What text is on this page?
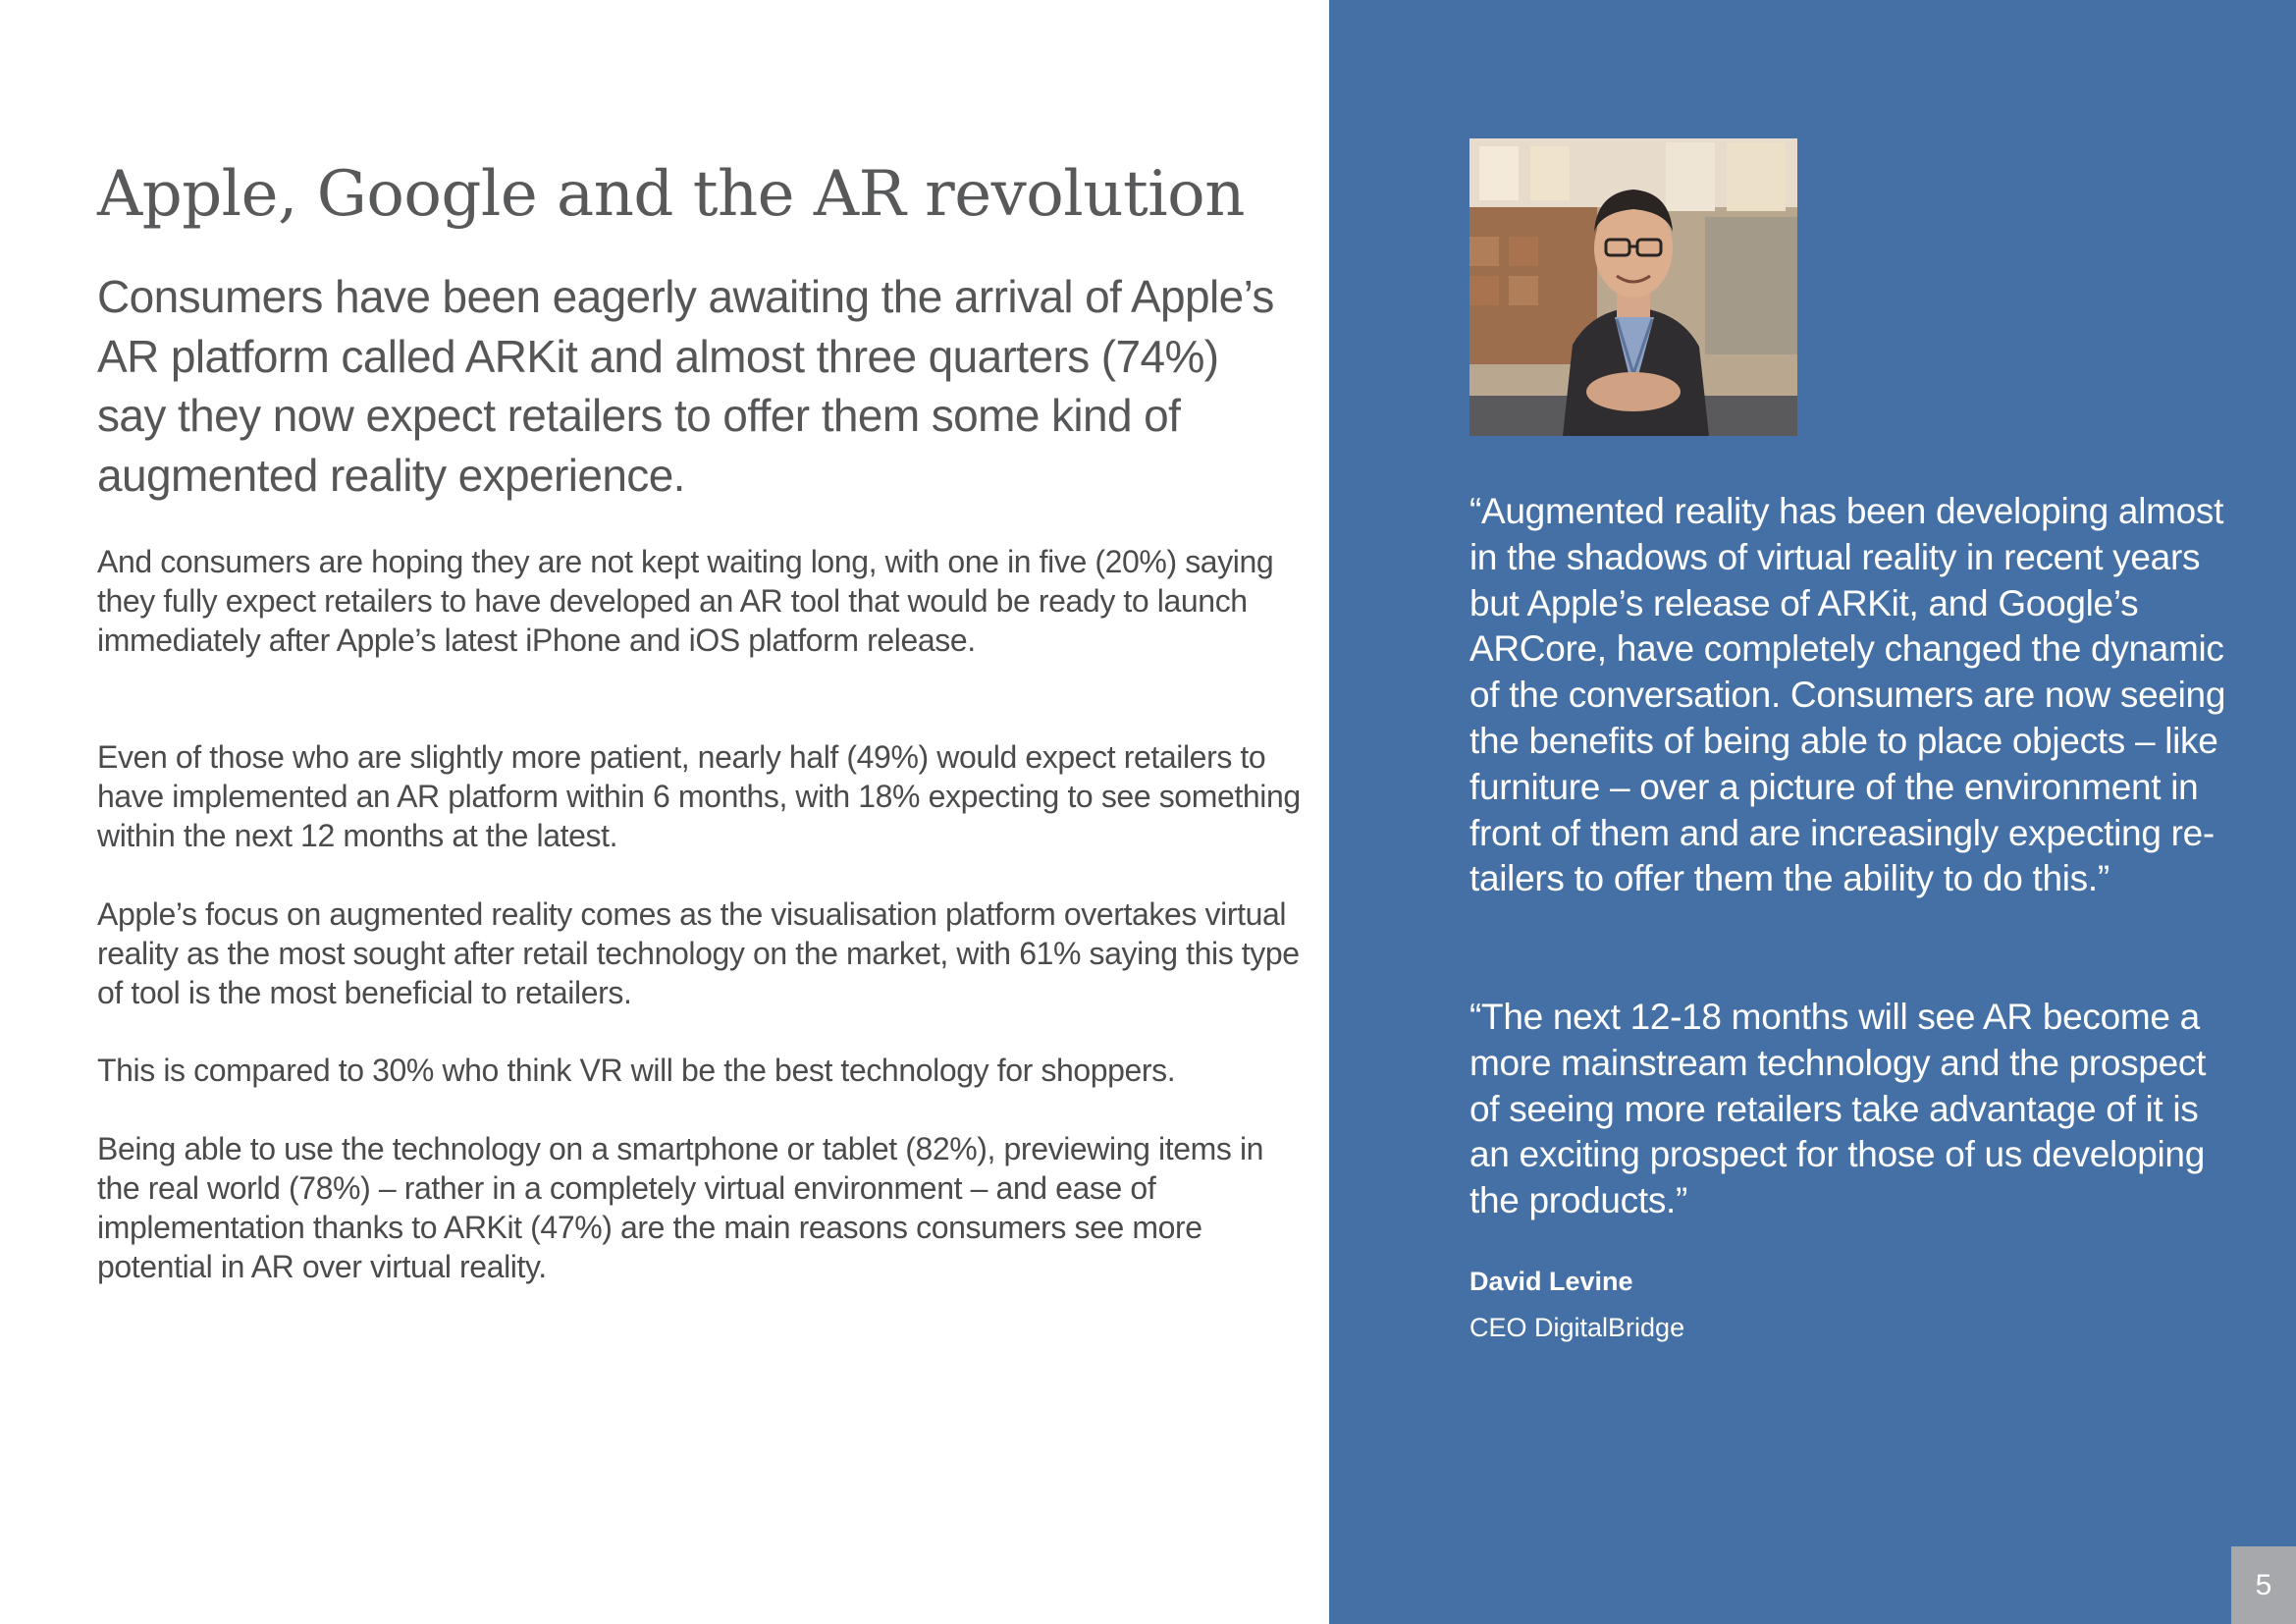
Apple, Google and the AR revolution

Consumers have been eagerly awaiting the arrival of Apple’s AR platform called ARKit and almost three quarters (74%) say they now expect retailers to offer them some kind of augmented reality experience.

And consumers are hoping they are not kept waiting long, with one in five (20%) saying they fully expect retailers to have developed an AR tool that would be ready to launch immediately after Apple’s latest iPhone and iOS platform release.

Even of those who are slightly more patient, nearly half (49%) would expect retailers to have implemented an AR platform within 6 months, with 18% expecting to see something within the next 12 months at the latest.

Apple’s focus on augmented reality comes as the visualisation platform overtakes virtual reality as the most sought after retail technology on the market, with 61% saying this type of tool is the most beneficial to retailers.

This is compared to 30% who think VR will be the best technology for shoppers.

Being able to use the technology on a smartphone or tablet (82%), previewing items in the real world (78%) – rather in a completely virtual environment – and ease of implementation thanks to ARKit (47%) are the main reasons consumers see more potential in AR over virtual reality.

“Augmented reality has been developing almost in the shadows of virtual reality in recent years but Apple’s release of ARKit, and Google’s ARCore, have completely changed the dynamic of the conversation. Consumers are now seeing the benefits of being able to place objects – like furniture – over a picture of the environment in front of them and are increasingly expecting re-tailers to offer them the ability to do this.”

“The next 12-18 months will see AR become a more mainstream technology and the prospect of seeing more retailers take advantage of it is an exciting prospect for those of us developing the products.”

David Levine

CEO DigitalBridge

5
